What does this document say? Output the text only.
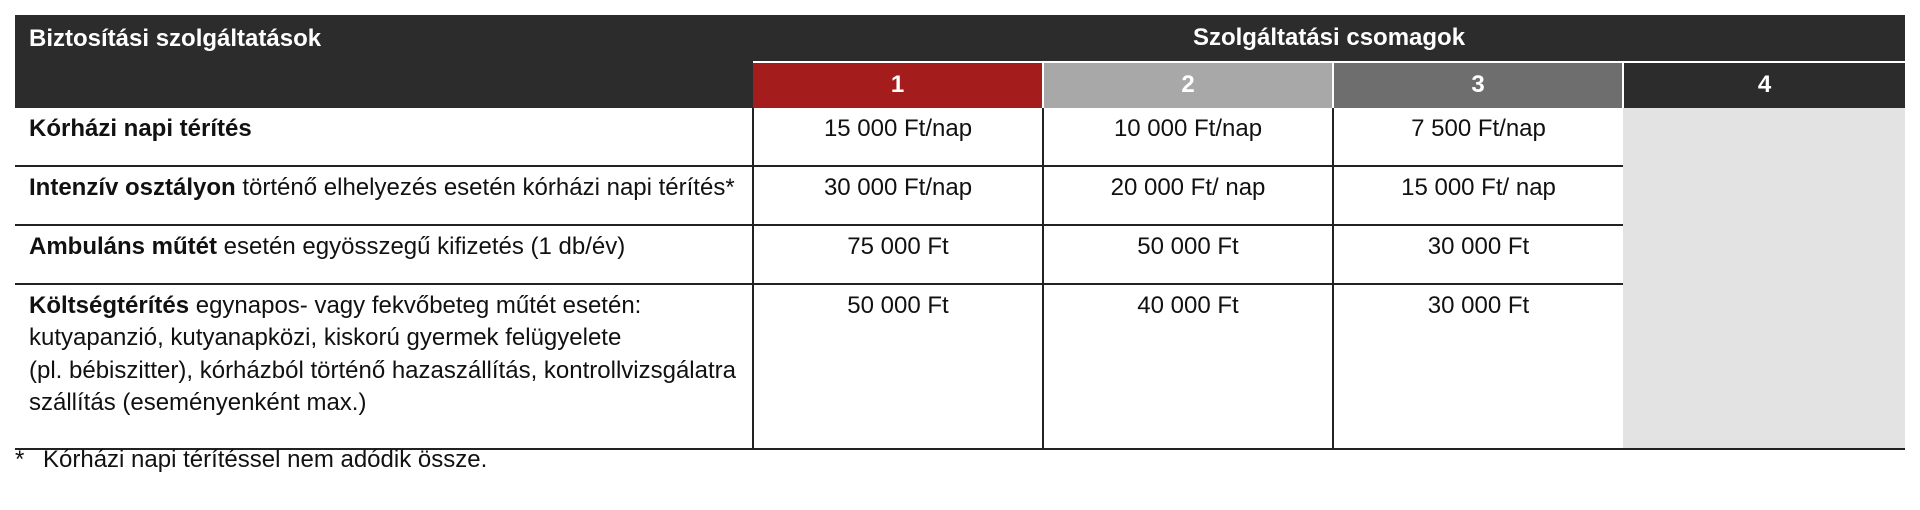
Biztosítási szolgáltatások	Szolgáltatási csomagok			
	1	2	3	4
Kórházi napi térítés	15 000 Ft/nap	10 000 Ft/nap	7 500 Ft/nap	
Intenzív osztályon történő elhelyezés esetén kórházi napi térítés*	30 000 Ft/nap	20 000 Ft/ nap	15 000 Ft/ nap	
Ambuláns műtét esetén egyösszegű kifizetés (1 db/év)	75 000 Ft	50 000 Ft	30 000 Ft	
Költségtérítés egynapos- vagy fekvőbeteg műtét esetén:
kutyapanzió, kutyanapközi, kiskorú gyermek felügyelete
(pl. bébiszitter), kórházból történő hazaszállítás, kontrollvizsgálatra
szállítás (eseményenként max.)	50 000 Ft	40 000 Ft	30 000 Ft	
* Kórházi napi térítéssel nem adódik össze.
